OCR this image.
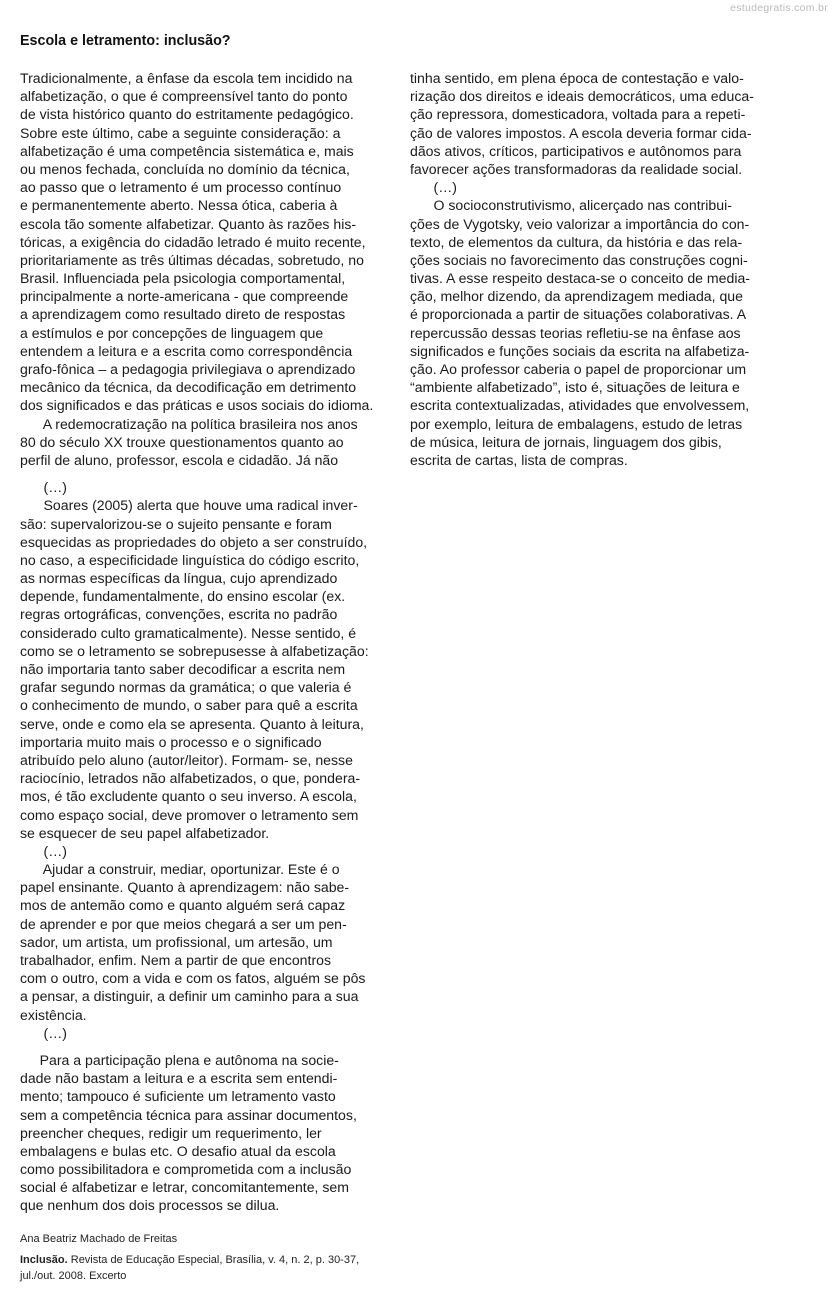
estudegratis.com.br
Escola e letramento: inclusão?
Tradicionalmente, a ênfase da escola tem incidido na
alfabetização, o que é compreensível tanto do ponto
de vista histórico quanto do estritamente pedagógico.
Sobre este último, cabe a seguinte consideração: a
alfabetização é uma competência sistemática e, mais
ou menos fechada, concluída no domínio da técnica,
ao passo que o letramento é um processo contínuo
e permanentemente aberto. Nessa ótica, caberia à
escola tão somente alfabetizar. Quanto às razões his-
tóricas, a exigência do cidadão letrado é muito recente,
prioritariamente as três últimas décadas, sobretudo, no
Brasil. Influenciada pela psicologia comportamental,
principalmente a norte-americana - que compreende
a aprendizagem como resultado direto de respostas
a estímulos e por concepções de linguagem que
entendem a leitura e a escrita como correspondência
grafo-fônica – a pedagogia privilegiava o aprendizado
mecânico da técnica, da decodificação em detrimento
dos significados e das práticas e usos sociais do idioma.
A redemocratização na política brasileira nos anos
80 do século XX trouxe questionamentos quanto ao
perfil de aluno, professor, escola e cidadão. Já não
(…)
Soares (2005) alerta que houve uma radical inver-
são: supervalorizou-se o sujeito pensante e foram
esquecidas as propriedades do objeto a ser construído,
no caso, a especificidade linguística do código escrito,
as normas específicas da língua, cujo aprendizado
depende, fundamentalmente, do ensino escolar (ex.
regras ortográficas, convenções, escrita no padrão
considerado culto gramaticalmente). Nesse sentido, é
como se o letramento se sobrepusesse à alfabetização:
não importaria tanto saber decodificar a escrita nem
grafar segundo normas da gramática; o que valeria é
o conhecimento de mundo, o saber para quê a escrita
serve, onde e como ela se apresenta. Quanto à leitura,
importaria muito mais o processo e o significado
atribuído pelo aluno (autor/leitor). Formam- se, nesse
raciocínio, letrados não alfabetizados, o que, pondera-
mos, é tão excludente quanto o seu inverso. A escola,
como espaço social, deve promover o letramento sem
se esquecer de seu papel alfabetizador.
(…)
Ajudar a construir, mediar, oportunizar. Este é o
papel ensinante. Quanto à aprendizagem: não sabe-
mos de antemão como e quanto alguém será capaz
de aprender e por que meios chegará a ser um pen-
sador, um artista, um profissional, um artesão, um
trabalhador, enfim. Nem a partir de que encontros
com o outro, com a vida e com os fatos, alguém se pôs
a pensar, a distinguir, a definir um caminho para a sua
existência.
(…)
Para a participação plena e autônoma na socie-
dade não bastam a leitura e a escrita sem entendi-
mento; tampouco é suficiente um letramento vasto
sem a competência técnica para assinar documentos,
preencher cheques, redigir um requerimento, ler
embalagens e bulas etc. O desafio atual da escola
como possibilitadora e comprometida com a inclusão
social é alfabetizar e letrar, concomitantemente, sem
que nenhum dos dois processos se dilua.
tinha sentido, em plena época de contestação e valo-
rização dos direitos e ideais democráticos, uma educa-
ção repressora, domesticadora, voltada para a repeti-
ção de valores impostos. A escola deveria formar cida-
dãos ativos, críticos, participativos e autônomos para
favorecer ações transformadoras da realidade social.
(…)
O socioconstrutivismo, alicerçado nas contribui-
ções de Vygotsky, veio valorizar a importância do con-
texto, de elementos da cultura, da história e das rela-
ções sociais no favorecimento das construções cogni-
tivas. A esse respeito destaca-se o conceito de media-
ção, melhor dizendo, da aprendizagem mediada, que
é proporcionada a partir de situações colaborativas. A
repercussão dessas teorias refletiu-se na ênfase aos
significados e funções sociais da escrita na alfabetiza-
ção. Ao professor caberia o papel de proporcionar um
“ambiente alfabetizado”, isto é, situações de leitura e
escrita contextualizadas, atividades que envolvessem,
por exemplo, leitura de embalagens, estudo de letras
de música, leitura de jornais, linguagem dos gibis,
escrita de cartas, lista de compras.
Ana Beatriz Machado de Freitas
Inclusão. Revista de Educação Especial, Brasília, v. 4, n. 2, p. 30-37,
jul./out. 2008. Excerto
